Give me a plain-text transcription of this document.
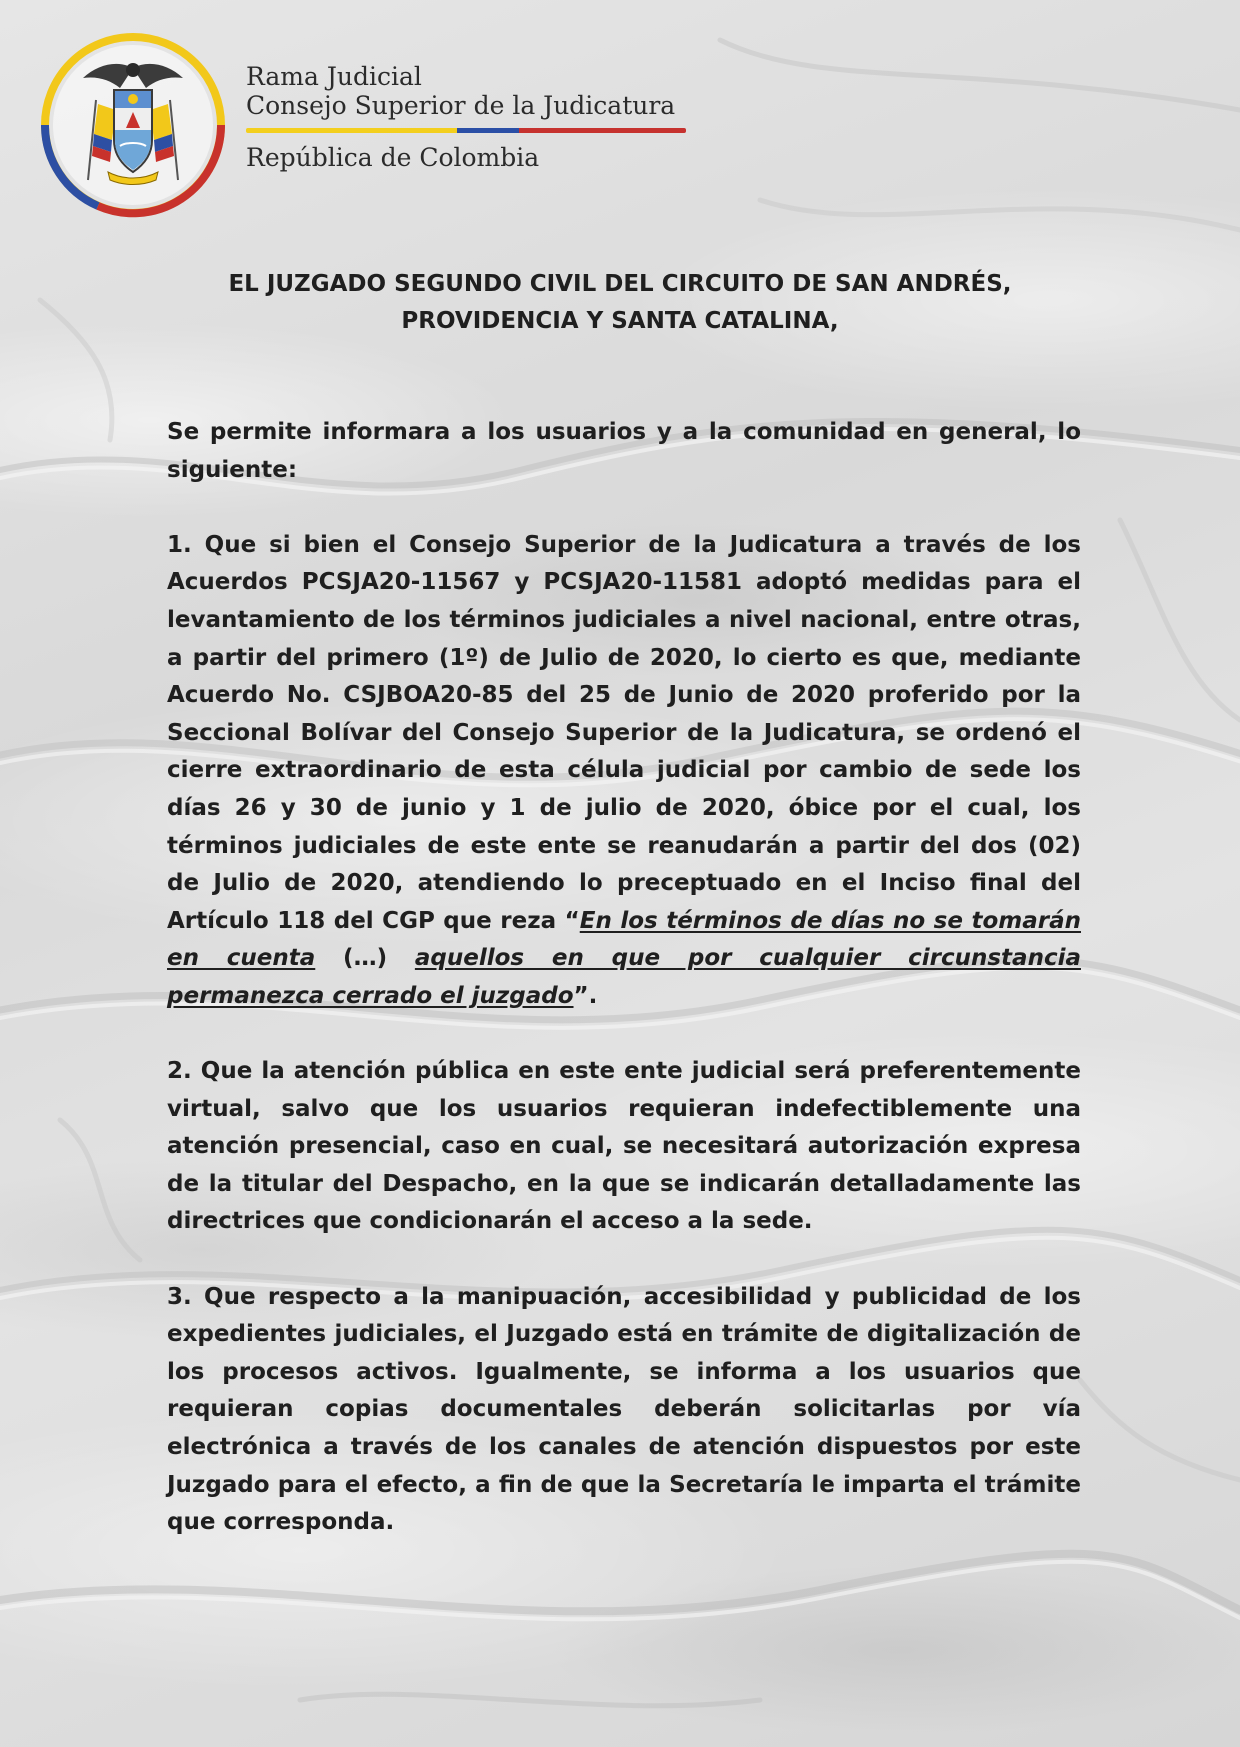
Rama Judicial
Consejo Superior de la Judicatura
República de Colombia
EL JUZGADO SEGUNDO CIVIL DEL CIRCUITO DE SAN ANDRÉS,
PROVIDENCIA Y SANTA CATALINA,

Se permite informara a los usuarios y a la comunidad en general, lo siguiente:

1. Que si bien el Consejo Superior de la Judicatura a través de los Acuerdos PCSJA20-11567 y PCSJA20-11581 adoptó medidas para el levantamiento de los términos judiciales a nivel nacional, entre otras, a partir del primero (1º) de Julio de 2020, lo cierto es que, mediante Acuerdo No. CSJBOA20-85 del 25 de Junio de 2020 proferido por la Seccional Bolívar del Consejo Superior de la Judicatura, se ordenó el cierre extraordinario de esta célula judicial por cambio de sede los días 26 y 30 de junio y 1 de julio de 2020, óbice por el cual, los términos judiciales de este ente se reanudarán a partir del dos (02) de Julio de 2020, atendiendo lo preceptuado en el Inciso final del Artículo 118 del CGP que reza “En los términos de días no se tomarán en cuenta (…) aquellos en que por cualquier circunstancia permanezca cerrado el juzgado”.

2. Que la atención pública en este ente judicial será preferentemente virtual, salvo que los usuarios requieran indefectiblemente una atención presencial, caso en cual, se necesitará autorización expresa de la titular del Despacho, en la que se indicarán detalladamente las directrices que condicionarán el acceso a la sede.

3. Que respecto a la manipuación, accesibilidad y publicidad de los expedientes judiciales, el Juzgado está en trámite de digitalización de los procesos activos. Igualmente, se informa a los usuarios que requieran copias documentales deberán solicitarlas por vía electrónica a través de los canales de atención dispuestos por este Juzgado para el efecto, a fin de que la Secretaría le imparta el trámite que corresponda.
